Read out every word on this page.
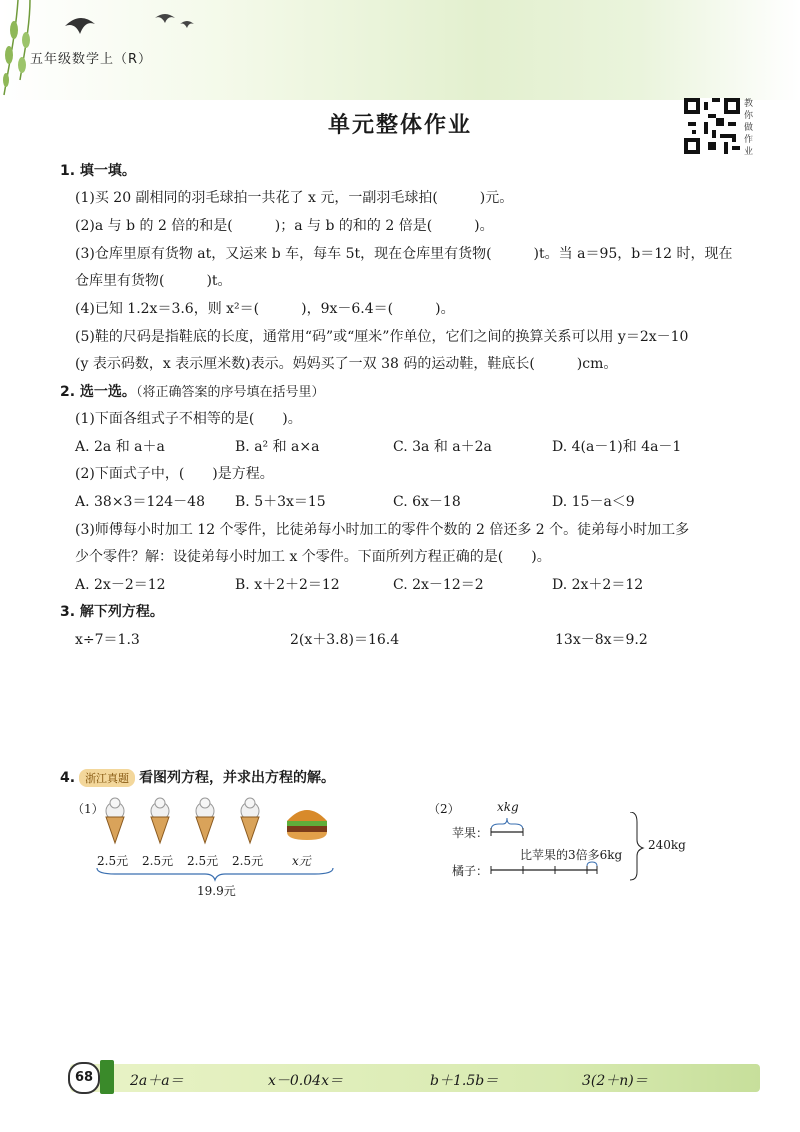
五年级数学上（R）
单元整体作业
教你做作业
1. 填一填。
(1)买 20 副相同的羽毛球拍一共花了 x 元，一副羽毛球拍(　　　)元。
(2)a 与 b 的 2 倍的和是(　　　)；a 与 b 的和的 2 倍是(　　　)。
(3)仓库里原有货物 at，又运来 b 车，每车 5t，现在仓库里有货物(　　　)t。当 a＝95，b＝12 时，现在
仓库里有货物(　　　)t。
(4)已知 1.2x＝3.6，则 x²＝(　　　)，9x－6.4＝(　　　)。
(5)鞋的尺码是指鞋底的长度，通常用“码”或“厘米”作单位，它们之间的换算关系可以用 y＝2x－10
(y 表示码数，x 表示厘米数)表示。妈妈买了一双 38 码的运动鞋，鞋底长(　　　)cm。
2. 选一选。（将正确答案的序号填在括号里）
(1)下面各组式子不相等的是(　　)。
A. 2a 和 a＋a	B. a² 和 a×a	C. 3a 和 a＋2a	D. 4(a－1)和 4a－1
(2)下面式子中，(　　)是方程。
A. 38×3＝124－48 B. 5＋3x＝15	C. 6x－18	D. 15－a＜9
(3)师傅每小时加工 12 个零件，比徒弟每小时加工的零件个数的 2 倍还多 2 个。徒弟每小时加工多
少个零件？解：设徒弟每小时加工 x 个零件。下面所列方程正确的是(　　)。
A. 2x－2＝12	B. x＋2＋2＝12	C. 2x－12＝2	D. 2x＋2＝12
3. 解下列方程。
x÷7＝1.3	2(x＋3.8)＝16.4	13x－8x＝9.2
4. 浙江真题 看图列方程，并求出方程的解。
（1）
2.5元 2.5元 2.5元 2.5元 x元
19.9元
（2）	xkg
苹果：
橘子：
比苹果的3倍多6kg
240kg
68	2a＋a＝	x－0.04x＝	b＋1.5b＝	3(2＋n)＝
